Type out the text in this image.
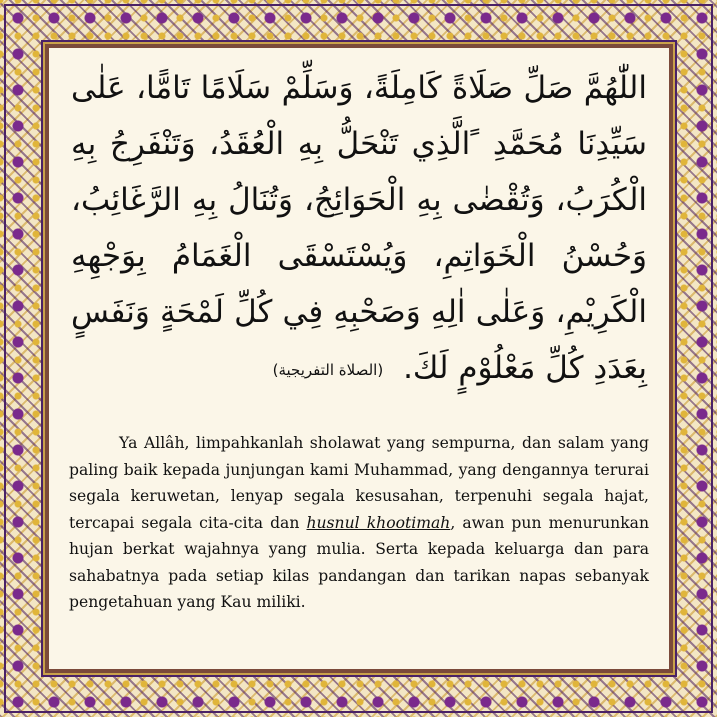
اللّٰهُمَّ صَلِّ صَلَاةً كَامِلَةً، وَسَلِّمْ سَلَامًا تَامًّا، عَلٰى سَيِّدِنَا مُحَمَّدِ ﹰالَّذِي تَنْحَلُّ بِهِ الْعُقَدُ، وَتَنْفَرِجُ بِهِ الْكُرَبُ، وَتُقْضٰى بِهِ الْحَوَائِجُ، وَتُنَالُ بِهِ الرَّغَائِبُ، وَحُسْنُ الْخَوَاتِمِ، وَيُسْتَسْقَى الْغَمَامُ بِوَجْهِهِ الْكَرِيْمِ، وَعَلٰى اٰلِهِ وَصَحْبِهِ فِي كُلِّ لَمْحَةٍ وَنَفَسٍ بِعَدَدِ كُلِّ مَعْلُوْمٍ لَكَ. (الصلاة التفريجية)
Ya Allâh, limpahkanlah sholawat yang sempurna, dan salam yang paling baik kepada junjungan kami Muhammad, yang dengannya terurai segala keruwetan, lenyap segala kesusahan, terpenuhi segala hajat, tercapai segala cita-cita dan husnul khootimah, awan pun menurunkan hujan berkat wajahnya yang mulia. Serta kepada keluarga dan para sahabatnya pada setiap kilas pandangan dan tarikan napas sebanyak pengetahuan yang Kau miliki.
